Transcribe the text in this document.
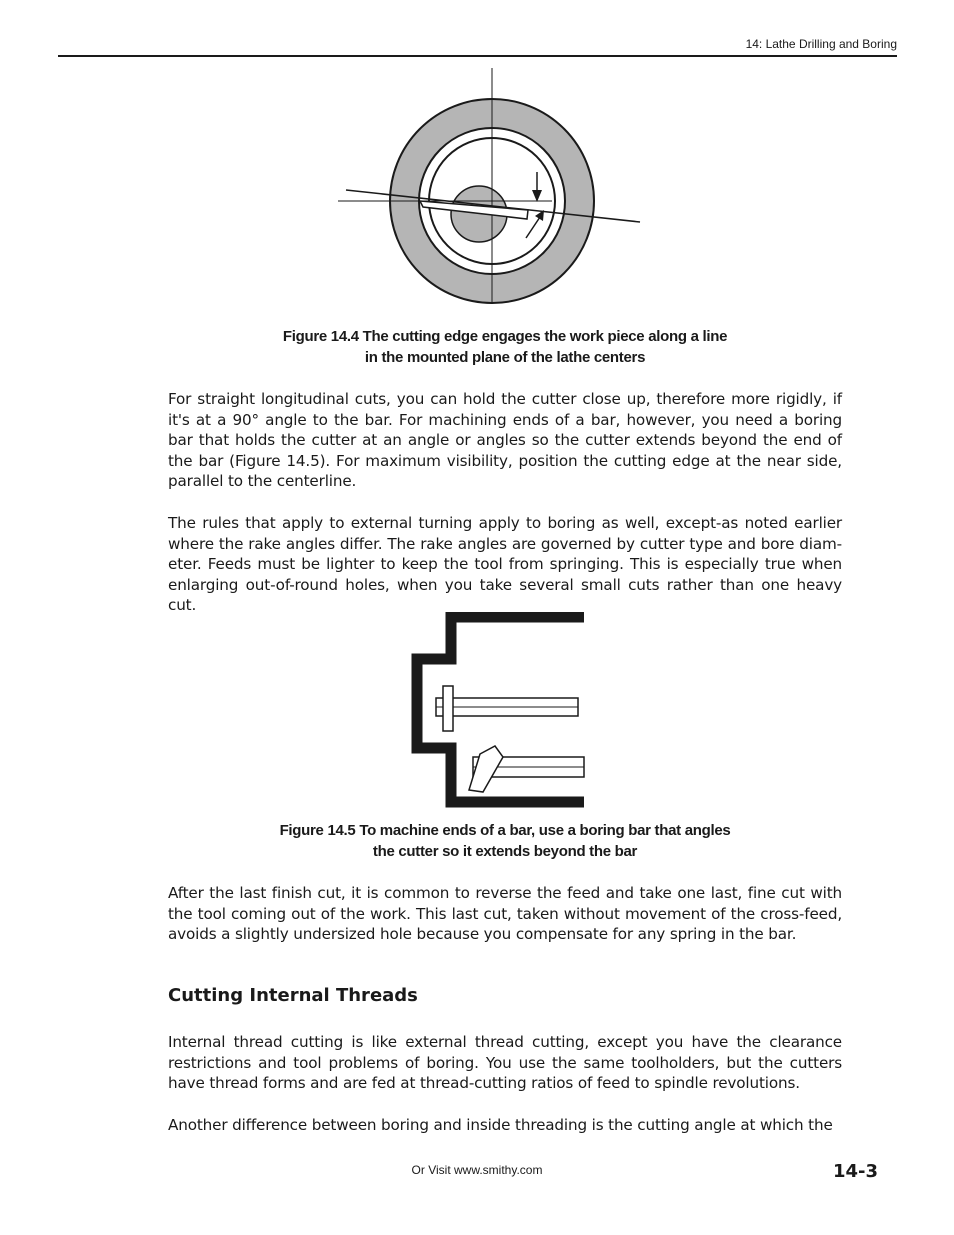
14: Lathe Drilling and Boring
Figure 14.4 The cutting edge engages the work piece along a line
in the mounted plane of the lathe centers

For straight longitudinal cuts, you can hold the cutter close up, therefore more rigidly, if it's at a 90° angle to the bar. For machining ends of a bar, however, you need a boring bar that holds the cutter at an angle or angles so the cutter extends beyond the end of the bar (Figure 14.5). For maximum visibility, position the cutting edge at the near side, parallel to the centerline.

The rules that apply to external turning apply to boring as well, except-as noted earlier where the rake angles differ. The rake angles are governed by cutter type and bore diam-eter. Feeds must be lighter to keep the tool from springing. This is especially true when enlarging out-of-round holes, when you take several small cuts rather than one heavy cut.

Figure 14.5 To machine ends of a bar, use a boring bar that angles
the cutter so it extends beyond the bar

After the last finish cut, it is common to reverse the feed and take one last, fine cut with the tool coming out of the work. This last cut, taken without movement of the cross-feed, avoids a slightly undersized hole because you compensate for any spring in the bar.

Cutting Internal Threads

Internal thread cutting is like external thread cutting, except you have the clearance restrictions and tool problems of boring. You use the same toolholders, but the cutters have thread forms and are fed at thread-cutting ratios of feed to spindle revolutions.

Another difference between boring and inside threading is the cutting angle at which the

Or Visit www.smithy.com	14-3
